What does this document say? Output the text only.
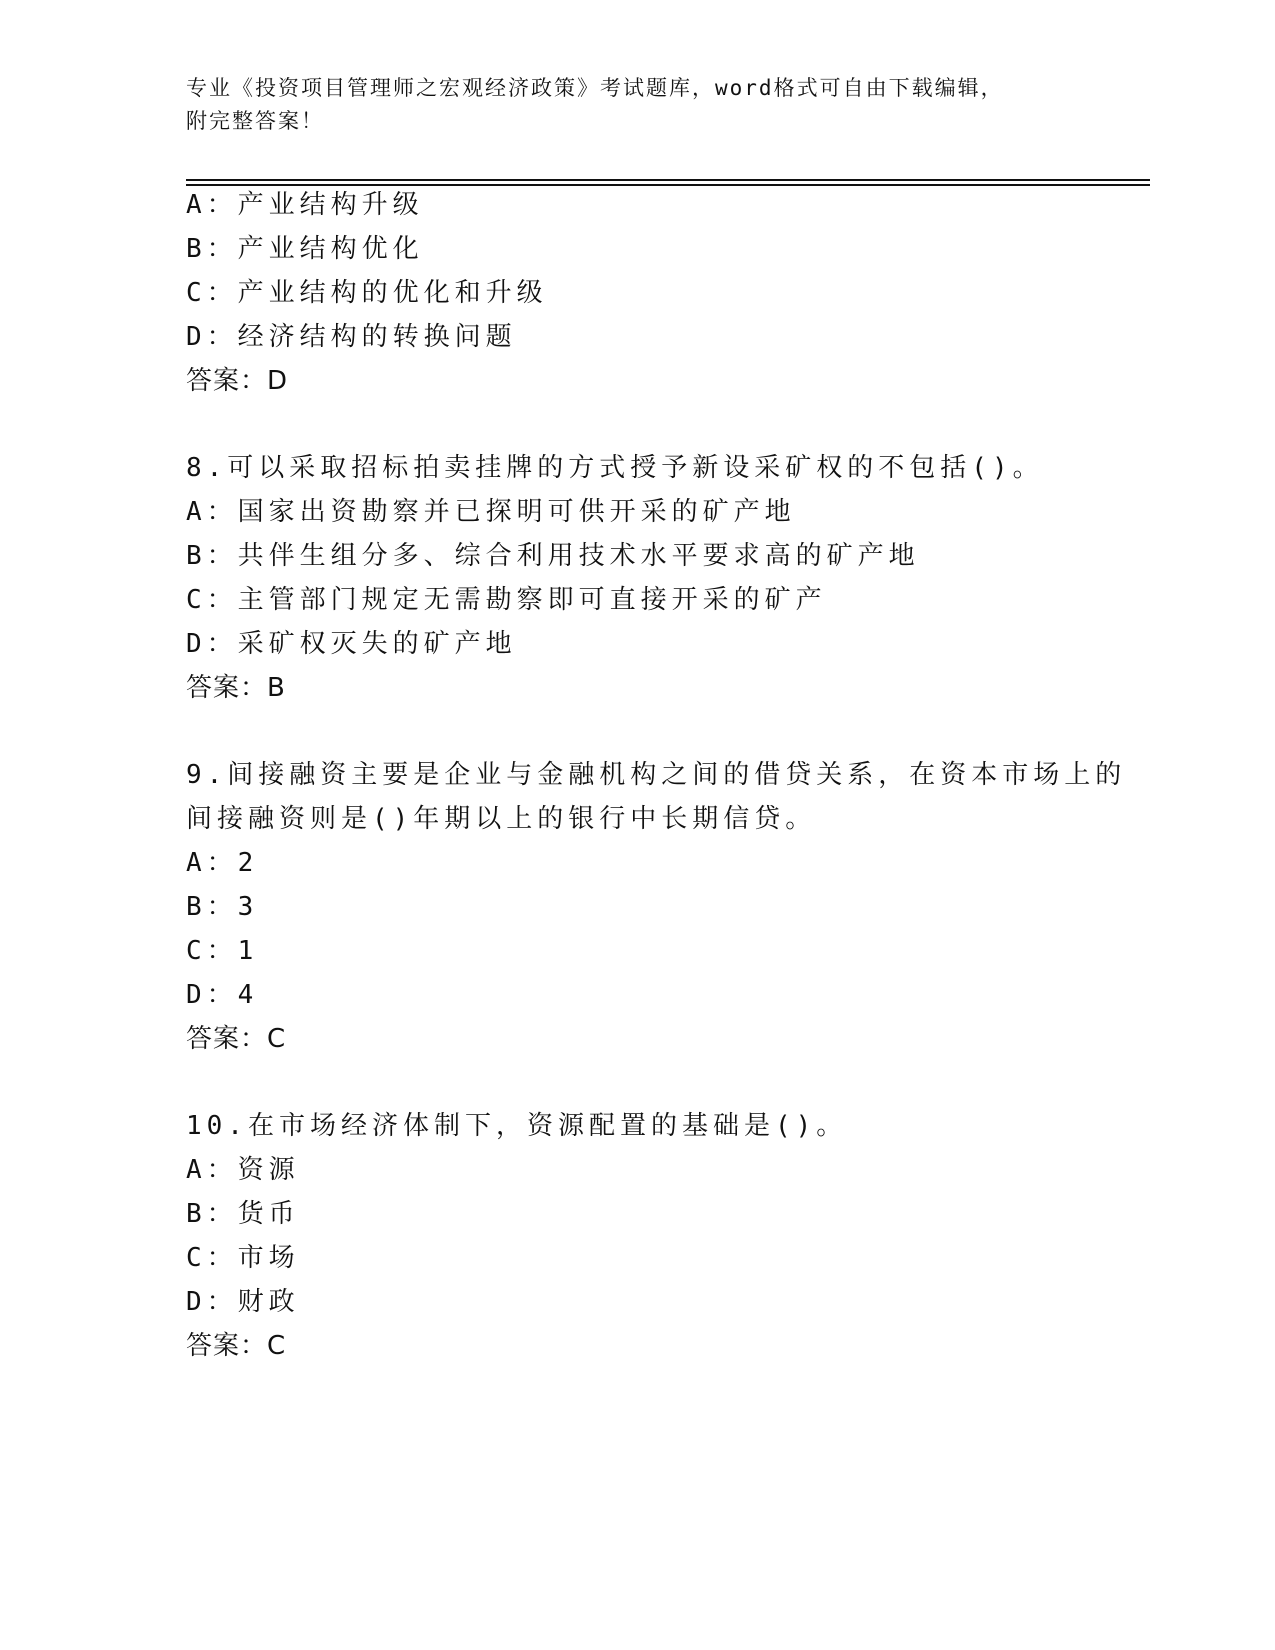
专业《投资项目管理师之宏观经济政策》考试题库，word格式可自由下载编辑，
附完整答案！
A：产业结构升级
B：产业结构优化
C：产业结构的优化和升级
D：经济结构的转换问题
答案：D
8.可以采取招标拍卖挂牌的方式授予新设采矿权的不包括()。
A：国家出资勘察并已探明可供开采的矿产地
B：共伴生组分多、综合利用技术水平要求高的矿产地
C：主管部门规定无需勘察即可直接开采的矿产
D：采矿权灭失的矿产地
答案：B
9.间接融资主要是企业与金融机构之间的借贷关系，在资本市场上的
间接融资则是()年期以上的银行中长期信贷。
A：2
B：3
C：1
D：4
答案：C
10.在市场经济体制下，资源配置的基础是()。
A：资源
B：货币
C：市场
D：财政
答案：C
